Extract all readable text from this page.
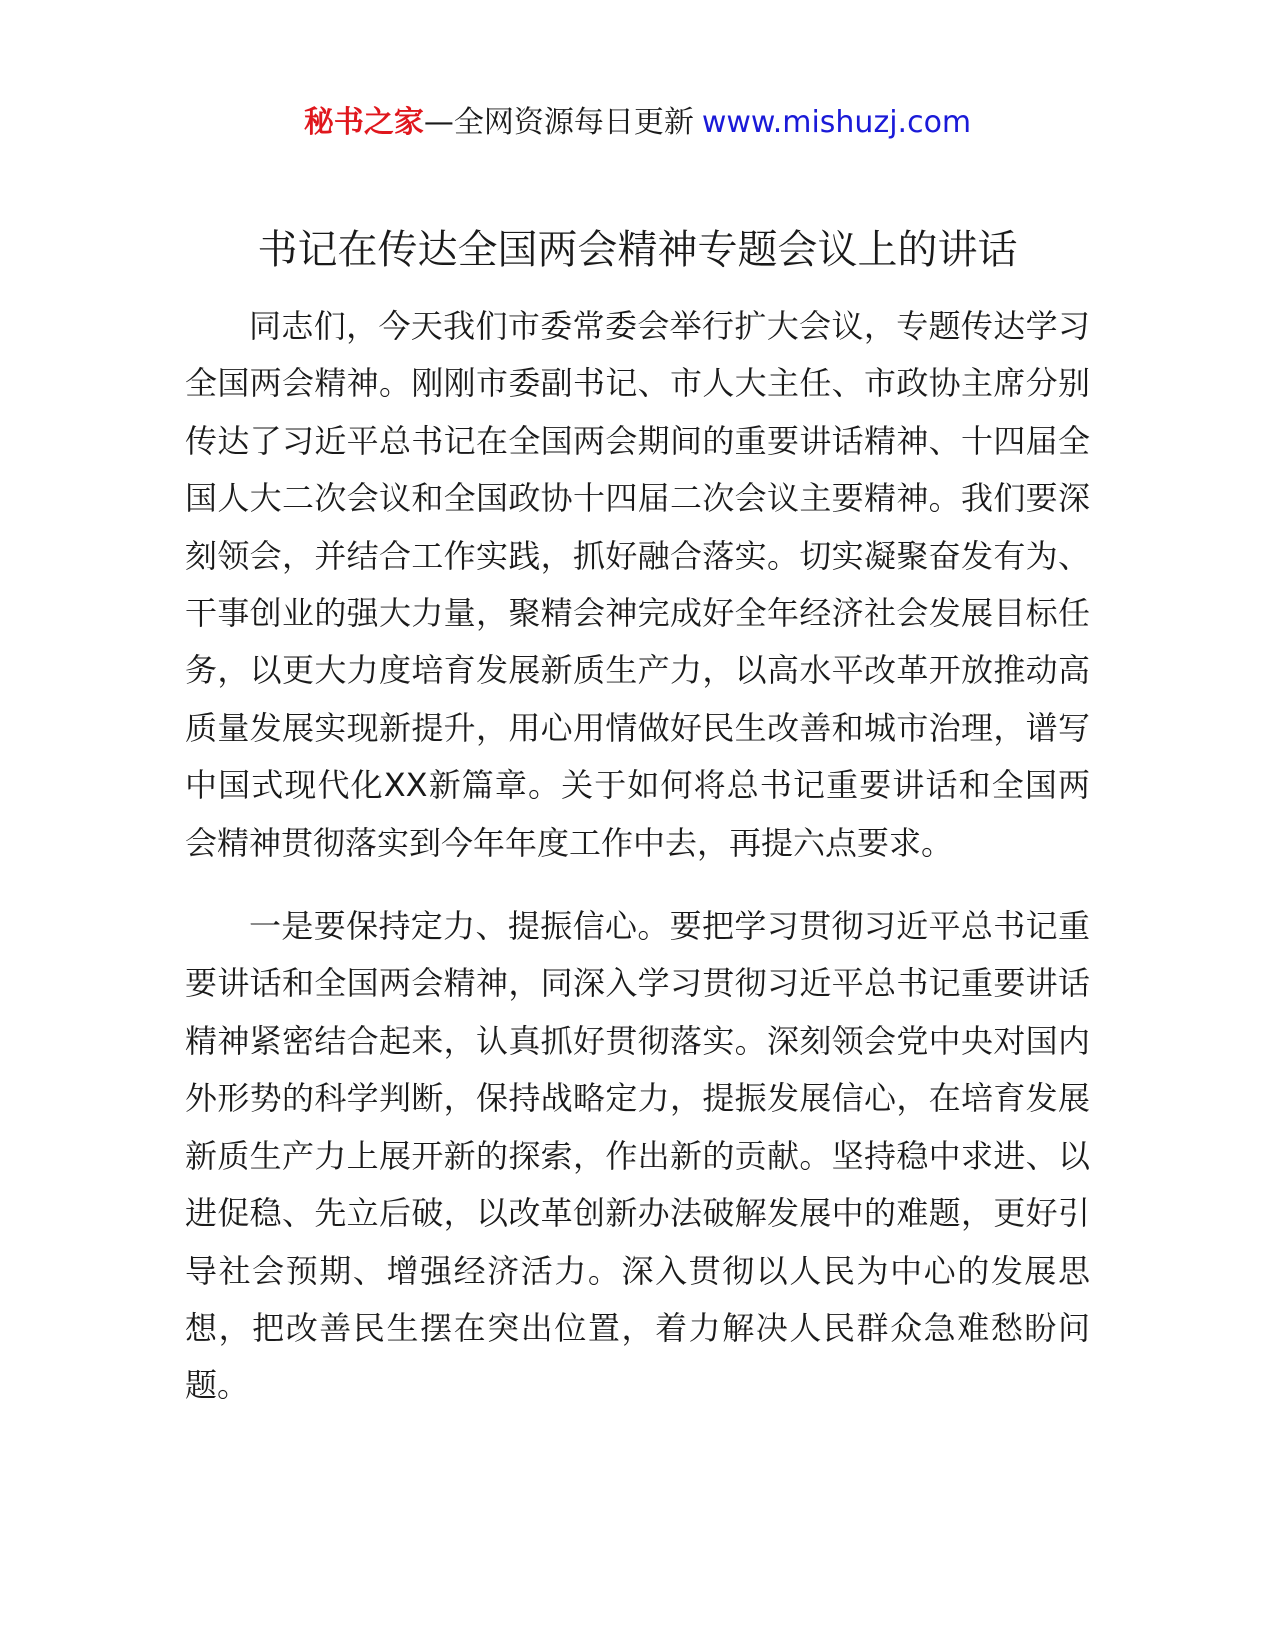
秘书之家—全网资源每日更新 www.mishuzj.com
书记在传达全国两会精神专题会议上的讲话

同志们，今天我们市委常委会举行扩大会议，专题传达学习全国两会精神。刚刚市委副书记、市人大主任、市政协主席分别传达了习近平总书记在全国两会期间的重要讲话精神、十四届全国人大二次会议和全国政协十四届二次会议主要精神。我们要深刻领会，并结合工作实践，抓好融合落实。切实凝聚奋发有为、干事创业的强大力量，聚精会神完成好全年经济社会发展目标任务，以更大力度培育发展新质生产力，以高水平改革开放推动高质量发展实现新提升，用心用情做好民生改善和城市治理，谱写中国式现代化XX新篇章。关于如何将总书记重要讲话和全国两会精神贯彻落实到今年年度工作中去，再提六点要求。

一是要保持定力、提振信心。要把学习贯彻习近平总书记重要讲话和全国两会精神，同深入学习贯彻习近平总书记重要讲话精神紧密结合起来，认真抓好贯彻落实。深刻领会党中央对国内外形势的科学判断，保持战略定力，提振发展信心，在培育发展新质生产力上展开新的探索，作出新的贡献。坚持稳中求进、以进促稳、先立后破，以改革创新办法破解发展中的难题，更好引导社会预期、增强经济活力。深入贯彻以人民为中心的发展思想，把改善民生摆在突出位置，着力解决人民群众急难愁盼问题。
